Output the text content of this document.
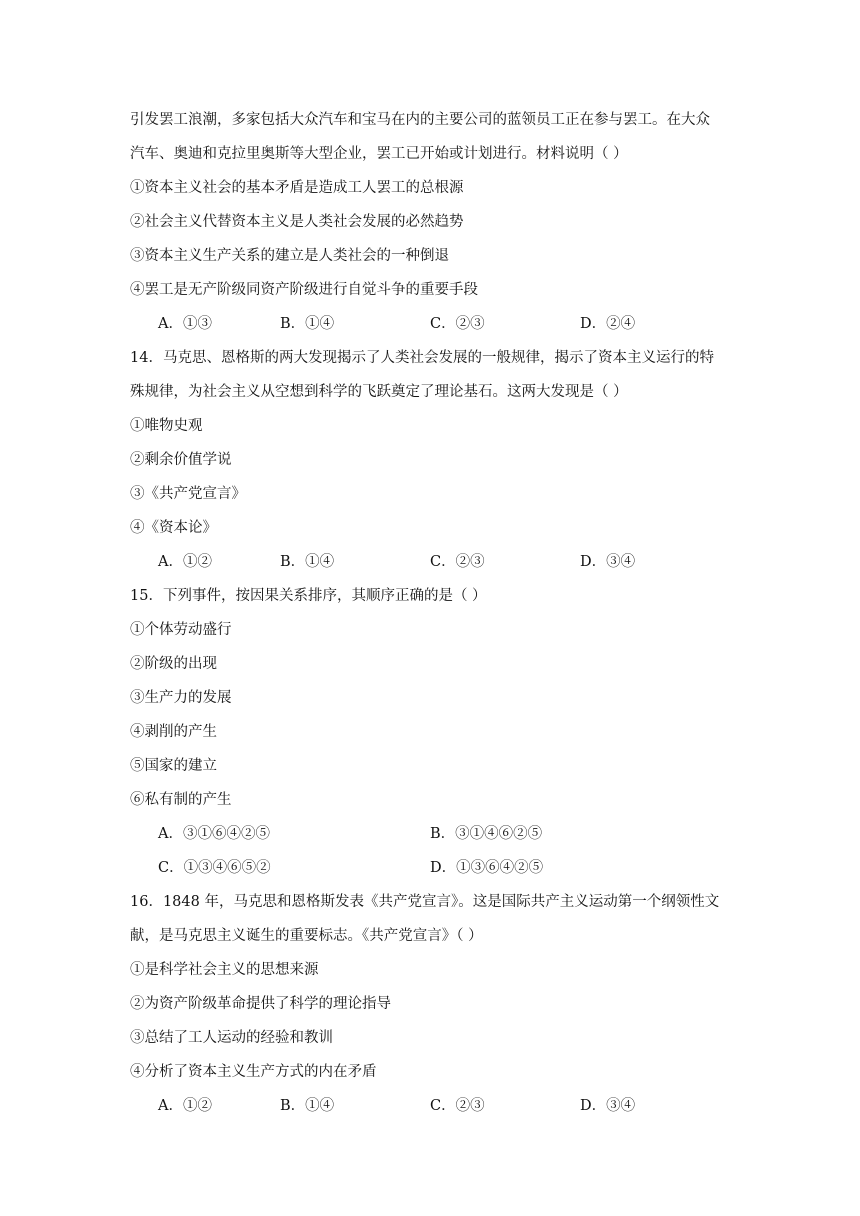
引发罢工浪潮，多家包括大众汽车和宝马在内的主要公司的蓝领员工正在参与罢工。在大众
汽车、奥迪和克拉里奥斯等大型企业，罢工已开始或计划进行。材料说明（ ）
①资本主义社会的基本矛盾是造成工人罢工的总根源
②社会主义代替资本主义是人类社会发展的必然趋势
③资本主义生产关系的建立是人类社会的一种倒退
④罢工是无产阶级同资产阶级进行自觉斗争的重要手段
A．①③	B．①④	C．②③	D．②④
14．马克思、恩格斯的两大发现揭示了人类社会发展的一般规律，揭示了资本主义运行的特
殊规律，为社会主义从空想到科学的飞跃奠定了理论基石。这两大发现是（ ）
①唯物史观
②剩余价值学说
③《共产党宣言》
④《资本论》
A．①②	B．①④	C．②③	D．③④
15．下列事件，按因果关系排序，其顺序正确的是（ ）
①个体劳动盛行
②阶级的出现
③生产力的发展
④剥削的产生
⑤国家的建立
⑥私有制的产生
A．③①⑥④②⑤	B．③①④⑥②⑤
C．①③④⑥⑤②	D．①③⑥④②⑤
16．1848 年，马克思和恩格斯发表《共产党宣言》。这是国际共产主义运动第一个纲领性文
献，是马克思主义诞生的重要标志。《共产党宣言》（ ）
①是科学社会主义的思想来源
②为资产阶级革命提供了科学的理论指导
③总结了工人运动的经验和教训
④分析了资本主义生产方式的内在矛盾
A．①②	B．①④	C．②③	D．③④
